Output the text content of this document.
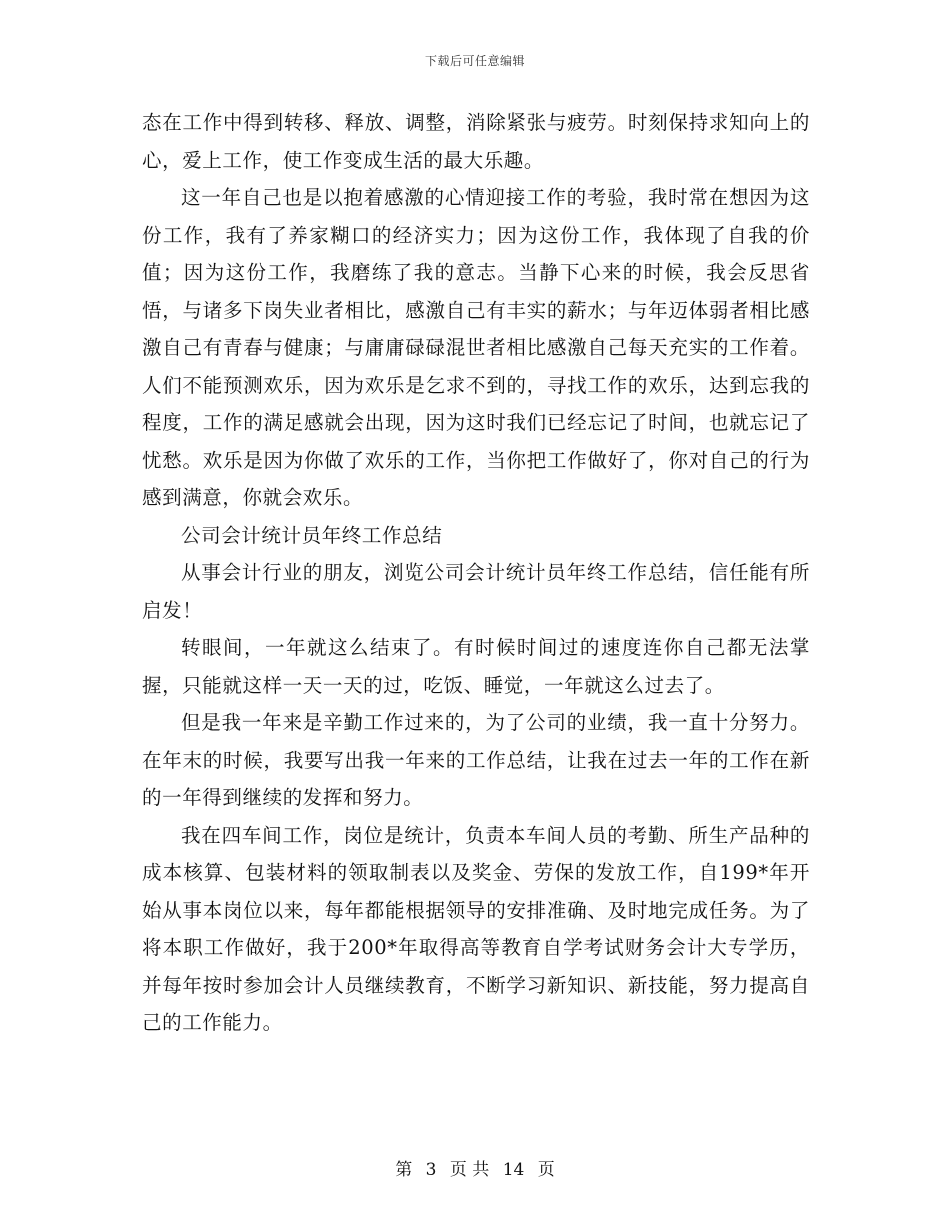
下载后可任意编辑

态在工作中得到转移、释放、调整，消除紧张与疲劳。时刻保持求知向上的心，爱上工作，使工作变成生活的最大乐趣。

这一年自己也是以抱着感激的心情迎接工作的考验，我时常在想因为这份工作，我有了养家糊口的经济实力；因为这份工作，我体现了自我的价值；因为这份工作，我磨练了我的意志。当静下心来的时候，我会反思省悟，与诸多下岗失业者相比，感激自己有丰实的薪水；与年迈体弱者相比感激自己有青春与健康；与庸庸碌碌混世者相比感激自己每天充实的工作着。人们不能预测欢乐，因为欢乐是乞求不到的，寻找工作的欢乐，达到忘我的程度，工作的满足感就会出现，因为这时我们已经忘记了时间，也就忘记了忧愁。欢乐是因为你做了欢乐的工作，当你把工作做好了，你对自己的行为感到满意，你就会欢乐。

公司会计统计员年终工作总结

从事会计行业的朋友，浏览公司会计统计员年终工作总结，信任能有所启发！

转眼间，一年就这么结束了。有时候时间过的速度连你自己都无法掌握，只能就这样一天一天的过，吃饭、睡觉，一年就这么过去了。

但是我一年来是辛勤工作过来的，为了公司的业绩，我一直十分努力。在年末的时候，我要写出我一年来的工作总结，让我在过去一年的工作在新的一年得到继续的发挥和努力。

我在四车间工作，岗位是统计，负责本车间人员的考勤、所生产品种的成本核算、包装材料的领取制表以及奖金、劳保的发放工作，自199*年开始从事本岗位以来，每年都能根据领导的安排准确、及时地完成任务。为了将本职工作做好，我于200*年取得高等教育自学考试财务会计大专学历，并每年按时参加会计人员继续教育，不断学习新知识、新技能，努力提高自己的工作能力。

第 3 页 共 14 页
